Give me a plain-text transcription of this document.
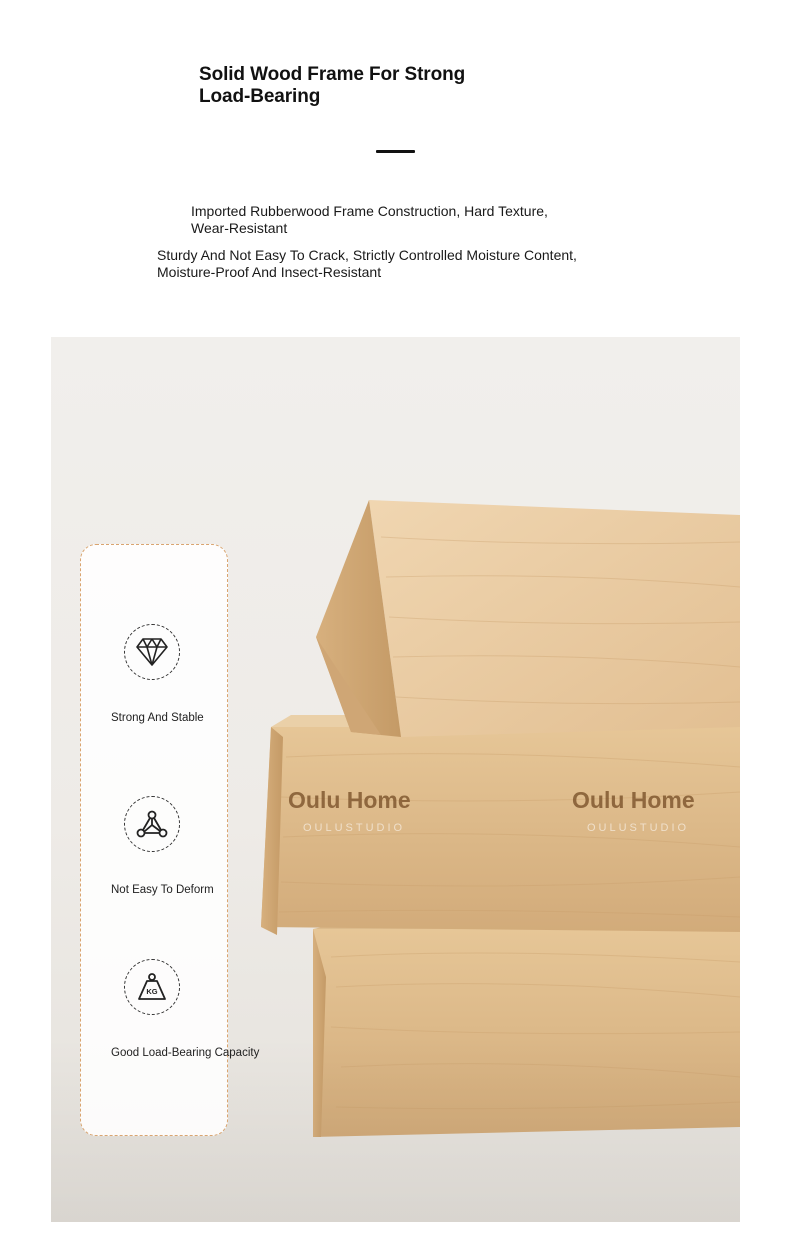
Solid Wood Frame For Strong
Load-Bearing
Imported Rubberwood Frame Construction, Hard Texture,
Wear-Resistant
Sturdy And Not Easy To Crack, Strictly Controlled Moisture Content,
Moisture-Proof And Insect-Resistant
Oulu Home
OULUSTUDIO
Oulu Home
OULUSTUDIO
Strong And Stable
Not Easy To Deform
KG
Good Load-Bearing Capacity
